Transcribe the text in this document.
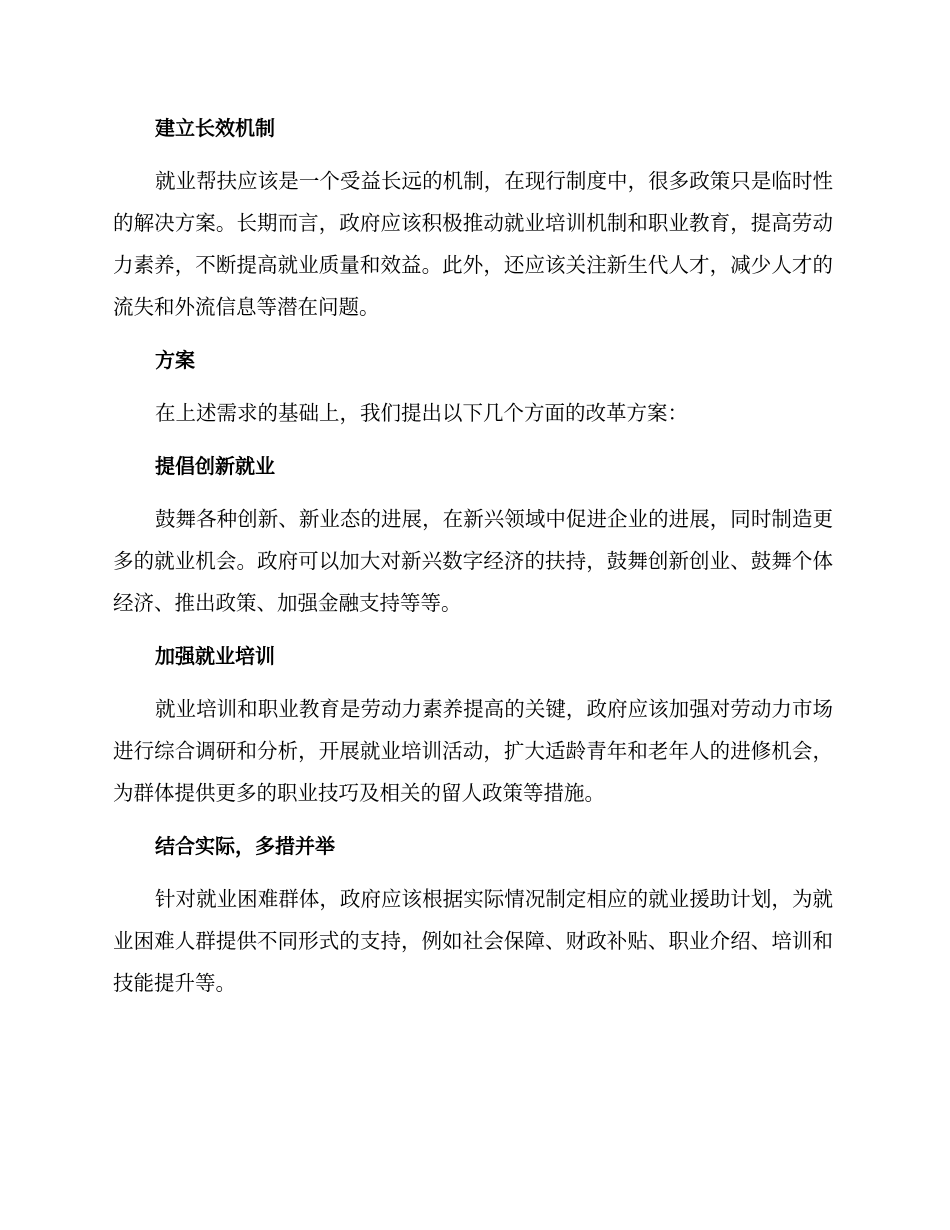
建立长效机制

就业帮扶应该是一个受益长远的机制，在现行制度中，很多政策只是临时性的解决方案。长期而言，政府应该积极推动就业培训机制和职业教育，提高劳动力素养，不断提高就业质量和效益。此外，还应该关注新生代人才，减少人才的流失和外流信息等潜在问题。

方案

在上述需求的基础上，我们提出以下几个方面的改革方案：

提倡创新就业

鼓舞各种创新、新业态的进展，在新兴领域中促进企业的进展，同时制造更多的就业机会。政府可以加大对新兴数字经济的扶持，鼓舞创新创业、鼓舞个体经济、推出政策、加强金融支持等等。

加强就业培训

就业培训和职业教育是劳动力素养提高的关键，政府应该加强对劳动力市场进行综合调研和分析，开展就业培训活动，扩大适龄青年和老年人的进修机会，为群体提供更多的职业技巧及相关的留人政策等措施。

结合实际，多措并举

针对就业困难群体，政府应该根据实际情况制定相应的就业援助计划，为就业困难人群提供不同形式的支持，例如社会保障、财政补贴、职业介绍、培训和技能提升等。
